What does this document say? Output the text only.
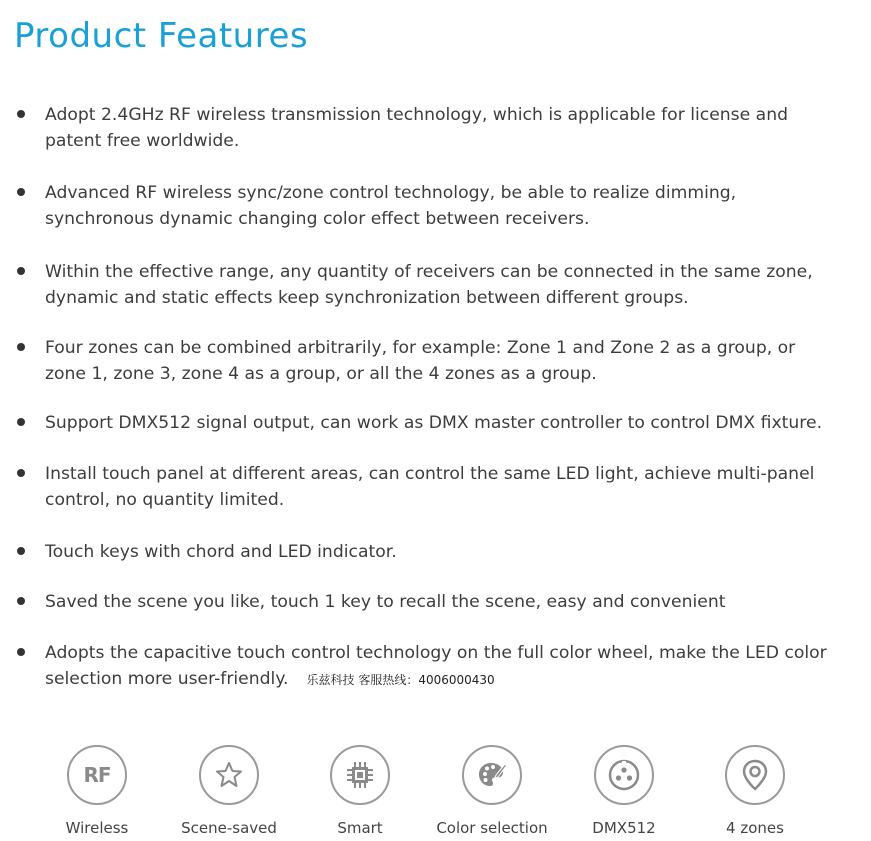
Product Features
Adopt 2.4GHz RF wireless transmission technology, which is applicable for license and
patent free worldwide.
Advanced RF wireless sync/zone control technology, be able to realize dimming,
synchronous dynamic changing color effect between receivers.
Within the effective range, any quantity of receivers can be connected in the same zone,
dynamic and static effects keep synchronization between different groups.
Four zones can be combined arbitrarily, for example: Zone 1 and Zone 2 as a group, or
zone 1, zone 3, zone 4 as a group, or all the 4 zones as a group.
Support DMX512 signal output, can work as DMX master controller to control DMX fixture.
Install touch panel at different areas, can control the same LED light, achieve multi-panel
control, no quantity limited.
Touch keys with chord and LED indicator.
Saved the scene you like, touch 1 key to recall the scene, easy and convenient
Adopts the capacitive touch control technology on the full color wheel, make the LED color
selection more user-friendly. 乐兹科技 客服热线：4006000430
RF
Wireless	Scene-saved	Smart	Color selection	DMX512	4 zones
